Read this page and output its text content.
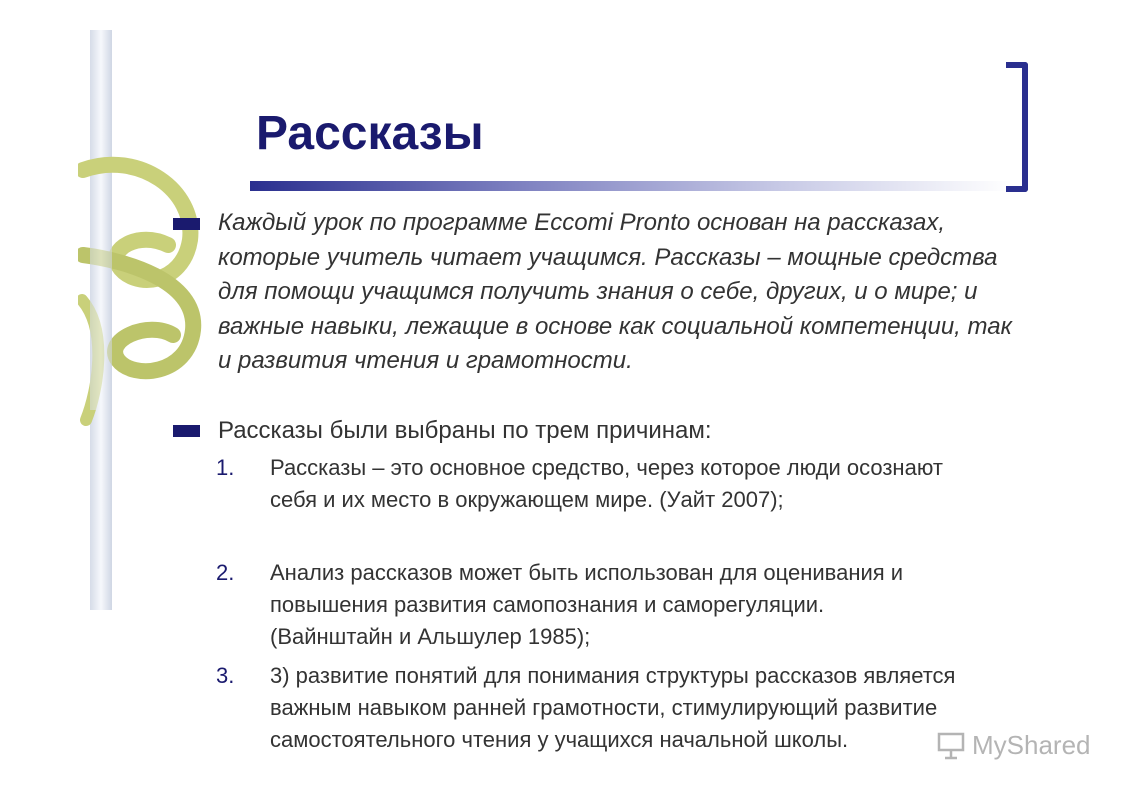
Рассказы

Каждый урок по программе Eccomi Pronto основан на рассказах, которые учитель читает учащимся. Рассказы – мощные средства для помощи учащимся получить знания о себе, других, и о мире; и важные навыки, лежащие в основе как социальной компетенции, так и развития чтения и грамотности.

Рассказы были выбраны по трем причинам:

1. Рассказы – это основное средство, через которое люди осознают себя и их место в окружающем мире. (Уайт 2007);

2. Анализ рассказов может быть использован для оценивания и повышения развития самопознания и саморегуляции. (Вайнштайн и Альшулер 1985);

3. 3) развитие понятий для понимания структуры рассказов является важным навыком ранней грамотности, стимулирующий развитие самостоятельного чтения у учащихся начальной школы.	MyShared
